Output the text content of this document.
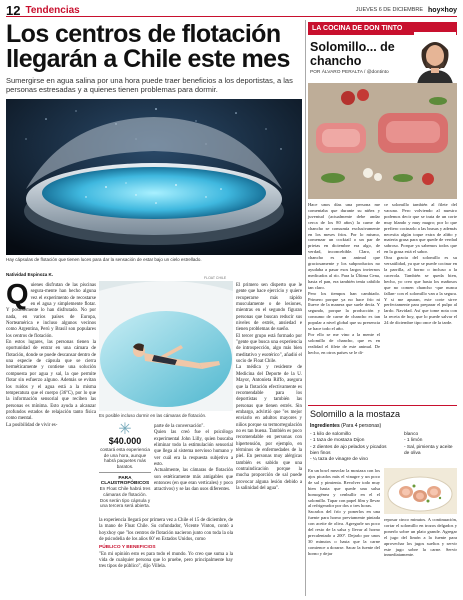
12 Tendencias	JUEVES 6 DE DICIEMBRE hoy×hoy
Los centros de flotación
llegarán a Chile este mes
Sumergirse en agua salina por una hora puede traer beneficios a los deportistas, a las personas estresadas y a quienes tienen problemas para dormir.
Hay cápsulas de flotación que tienen luces para dar la sensación de estar bajo un cielo estrellado.
Natividad Espinoza K.
Q uienes disfrutan de las piscinas segura-mente han hecho alguna vez el experimento de recostarse en el agua y simplemente flotar. Y posiblemente lo han disfrutado. No por nada, en varios países de Europa, Norteamérica e incluso algunos vecinos como Argentina, Perú y Brasil son populares los centros de flotación.
En estos lugares, las personas tienen la oportunidad de entrar en una cámara de flotación, donde se puede descansar dentro de una especie de cápsula que se cierra herméticamente y contiene una solución compuesta por agua y sal, la que permite flotar sin esfuerzo alguno. Además se evitan los ruidos y el agua está a la misma temperatura que el cuerpo (36ºC), por lo que la información sensorial que reciben las personas es mínima. Esto ayuda a alcanzar profundos estados de relajación tanto física como mental.
La posibilidad de vivir es-
FLOAT CHILE
Es posible incluso dormir en las cámaras de flotación.
El primero sen disperto que le gente que hace ejercicio y quiere recuperarse más rápido musculamente o de lesiones, mientras en el segundo figuran personas que buscan reducir sus niveles de estrés, ansiedad e tienen problemas de sueño.
El tercer grupo está formado por "gente que busca una experiencia de introspección, algo más bien meditativo y esotérico", añadió el socio de Float Chile.
La médica y residente de Medicina del Deporte de la U. Mayor, Antonieta Riffo, asegura que la flotación efectivamente es recomendable para los deportistas y también las personas que tienen estrés. Sin embargo, advirtió que "es mejor enviarlo en adultos mayores y niños porque su termorregulación no es tan buena. También es poco recomendable en personas con hipertensión, por ejemplo, en términos de enfermedades de la piel. En personas muy alérgicas también es sabido que una contraindicación porque la mucha proporción de sal puede provocar alguna lesión debido a la salinidad del agua".
✳
$40.000
costará esta experiencia de una hora, aunque habrá paquetes más baratos.
PARA CLAUSTROFÓBICOS
En Float Chile habrá tres cámaras de flotación. Dos serán tipo cápsula y una tercera será abierta.
parte de la conversación".
Quien las creó fue el psicólogo experimental John Lilly, quien buscaba eliminar todo la estimulación sensorial que llega al sistema nervioso humano y ver cuál era la respuesta subjetiva a esto.
Actualmente, las cámaras de flotación son estéticamente más amigables que entonces (en que eran verticales) y poco atractivos) y se las dan usos diferentes.
la experiencia llegará por primera vez a Chile el 15 de diciembre, de la mano de Float Chile. Su cofundador, Vicente Vinton, contó a hoyxhoy que "los centros de flotación nacieron junto con toda la ola de psicodelia de los años 60' en Estados Unidos, como
PÚBLICO Y BENEFICIOS
"En mi opinión esto es para todo el mundo. Yo creo que suma a la vida de cualquier persona que lo pruebe, pero principalmente hay tres tipos de público", dijo Villela.
LA COCINA DE DON TINTO
Solomillo... de
chancho
POR ÁLVARO PERALTA / @dontinto
Hace unos días una persona me comentaba que durante su niñez y juventud (actualmente debe andar cerca de los 80 años) la carne de chancho se consumía exclusivamente en los meses fríos. Por lo mismo, comenzar un cocktail o un par de prietas en diciembre era algo, de verdad, inconcebible. Claro, el chancho es un animal que graciosamente y los subproductos no ayudaba a pasar esos largos inviernos medicados al río. Para la Última Cena, hasta el pan, era también tenía cabildo tan claro.
Pero los tiempos han cambiado. Primero porque ya no hace frío ni llueve de la manera que suele decía. Y segundo, porque la producción y consumo de carne de chancho es tan popular a nivel global que su presencia se hace todo el año.
Por ello se me vino a la mente el solomillo de chancho, que es en realidad el filete de este animal. De hecho, en otros países se le di-
ce solomillo también al filete del vacuno. Pero volviendo al nuestro podemos decir que se trata de un corte muy blando y muy magro; por lo que prefiero cocinarlo a las brasas y además necesita algún toque extra de aliño y materia grasa para que quede de verdad sabroso. Porque ya sabemos todos que en la grasa está el sabor.
Otra gracia del solomillo es su versatilidad, ya que se puede cocinar en la parrilla, al horno o incluso a la cacerola. También se queda bien, hecho, yo creo que hasta los mañosos que no comen chancho -que nunca fallan- con el solomillo van a la segura. Y si me apuran, este corte sirve perfectamente para preparar el pulpo al lardo. Navidad. Así que tome nota con la receta de hoy, que lo puede salvar el 24 de diciembre tipo once de la tarde.
Solomillo a la mostaza
Ingredientes (Para 4 personas)
- 1 kilo de solomillo
- 1 taza de mostaza Dijon
- 2 dientes de ajo pelados y picados bien finos
- ¼ taza de vinagre de vino
blanco
- 1 limón
- Sal, pimienta y aceite de oliva
En un bowl mezclar la mostaza con los ajos picados más el vinagre y un poco de sal y pimienta. Revolver todo muy bien hasta que quede una salsa homogénea y cenbullir en el el solomillo. Tapar con papel film y llevar al refrigerador por dos o tres horas.
Sacarlos del frío y ponerlos en una fuente para horno previamente pintada con aceite de oliva. Agregarle un poco del resto de la salsa y llevar al horno precalentado a 200º. Dejarlo por unos 30 minutos o hasta que la carne comience a dorarse. Sacar la fuente del horno y dejar
reposar cinco minutos. A continuación, cortar el solomillo en trozos delgados y ponerlo sobre un plato grande. Agregar el jugo del limón a la fuente para aprovechar los jugos sueltos y servir este jugo sobre la carne. Servir inmediatamente.
